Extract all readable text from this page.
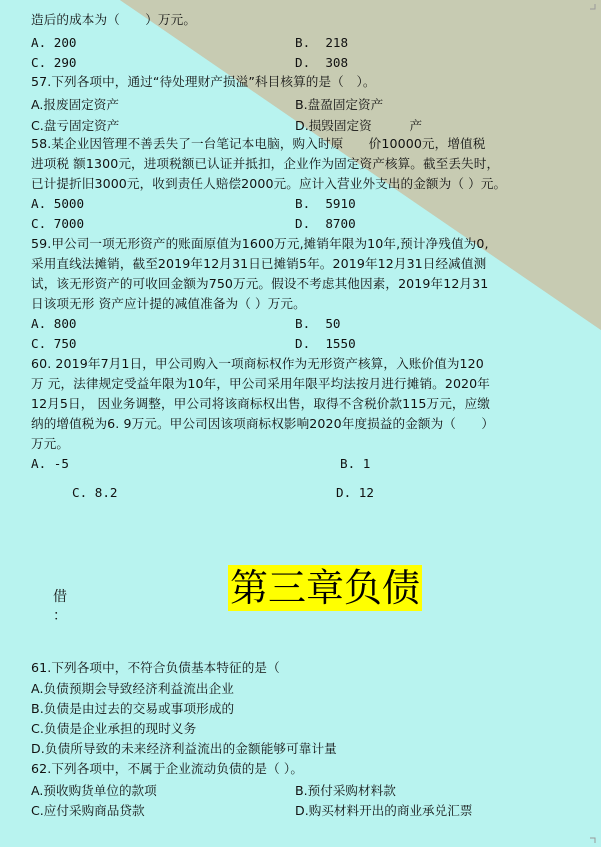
造后的成本为（　　）万元。
A. 200	B.  218
C. 290	D.  308
57.下列各项中，通过“待处理财产损溢”科目核算的是（　）。
A.报废固定资产	B.盘盈固定资产
C.盘亏固定资产	D.损毁固定资　　　产
58.某企业因管理不善丢失了一台笔记本电脑，购入时原　　价10000元，增值税
进项税 额1300元，进项税额已认证并抵扣，企业作为固定资产核算。截至丢失时，
已计提折旧3000元，收到责任人赔偿2000元。应计入营业外支出的金额为（ ）元。
A. 5000	B.  5910
C. 7000	D.  8700
59.甲公司一项无形资产的账面原值为1600万元,摊销年限为10年,预计净残值为0,
采用直线法摊销，截至2019年12月31日已摊销5年。2019年12月31日经减值测
试，该无形资产的可收回金额为750万元。假设不考虑其他因素，2019年12月31
日该项无形 资产应计提的减值准备为（ ）万元。
A. 800	B.  50
C. 750	D.  1550
60. 2019年7月1日，甲公司购入一项商标权作为无形资产核算，入账价值为120
万 元，法律规定受益年限为10年，甲公司采用年限平均法按月进行摊销。2020年
12月5日， 因业务调整，甲公司将该商标权出售，取得不含税价款115万元，应缴
纳的增值税为6. 9万元。甲公司因该项商标权影响2020年度损益的金额为（　　）
万元。
A. -5	B. 1
C. 8.2	D. 12
第三章负债
借
：
61.下列各项中，不符合负债基本特征的是（
A.负债预期会导致经济利益流出企业
B.负债是由过去的交易或事项形成的
C.负债是企业承担的现时义务
D.负债所导致的未来经济利益流出的金额能够可靠计量
62.下列各项中，不属于企业流动负债的是（ ）。
A.预收购货单位的款项	B.预付采购材料款
C.应付采购商品贷款	D.购买材料开出的商业承兑汇票
